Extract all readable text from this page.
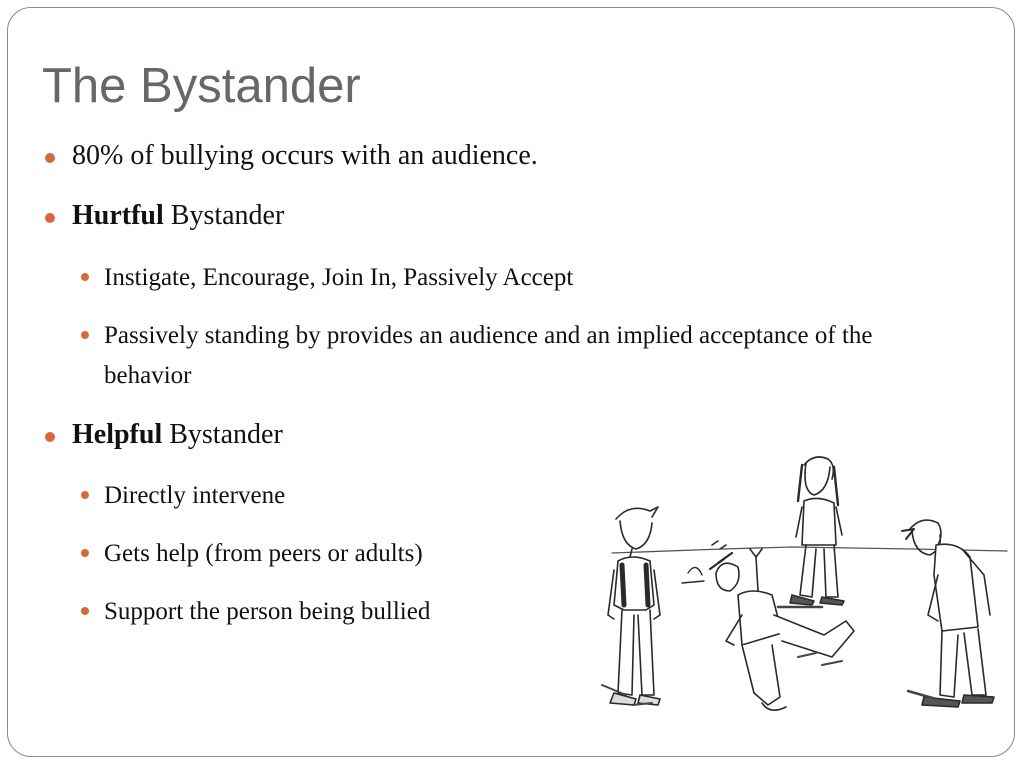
The Bystander
80% of bullying occurs with an audience.
Hurtful Bystander
Instigate, Encourage, Join In, Passively Accept
Passively standing by provides an audience and an implied acceptance of the behavior
Helpful Bystander
Directly intervene
Gets help (from peers or adults)
Support the person being bullied
